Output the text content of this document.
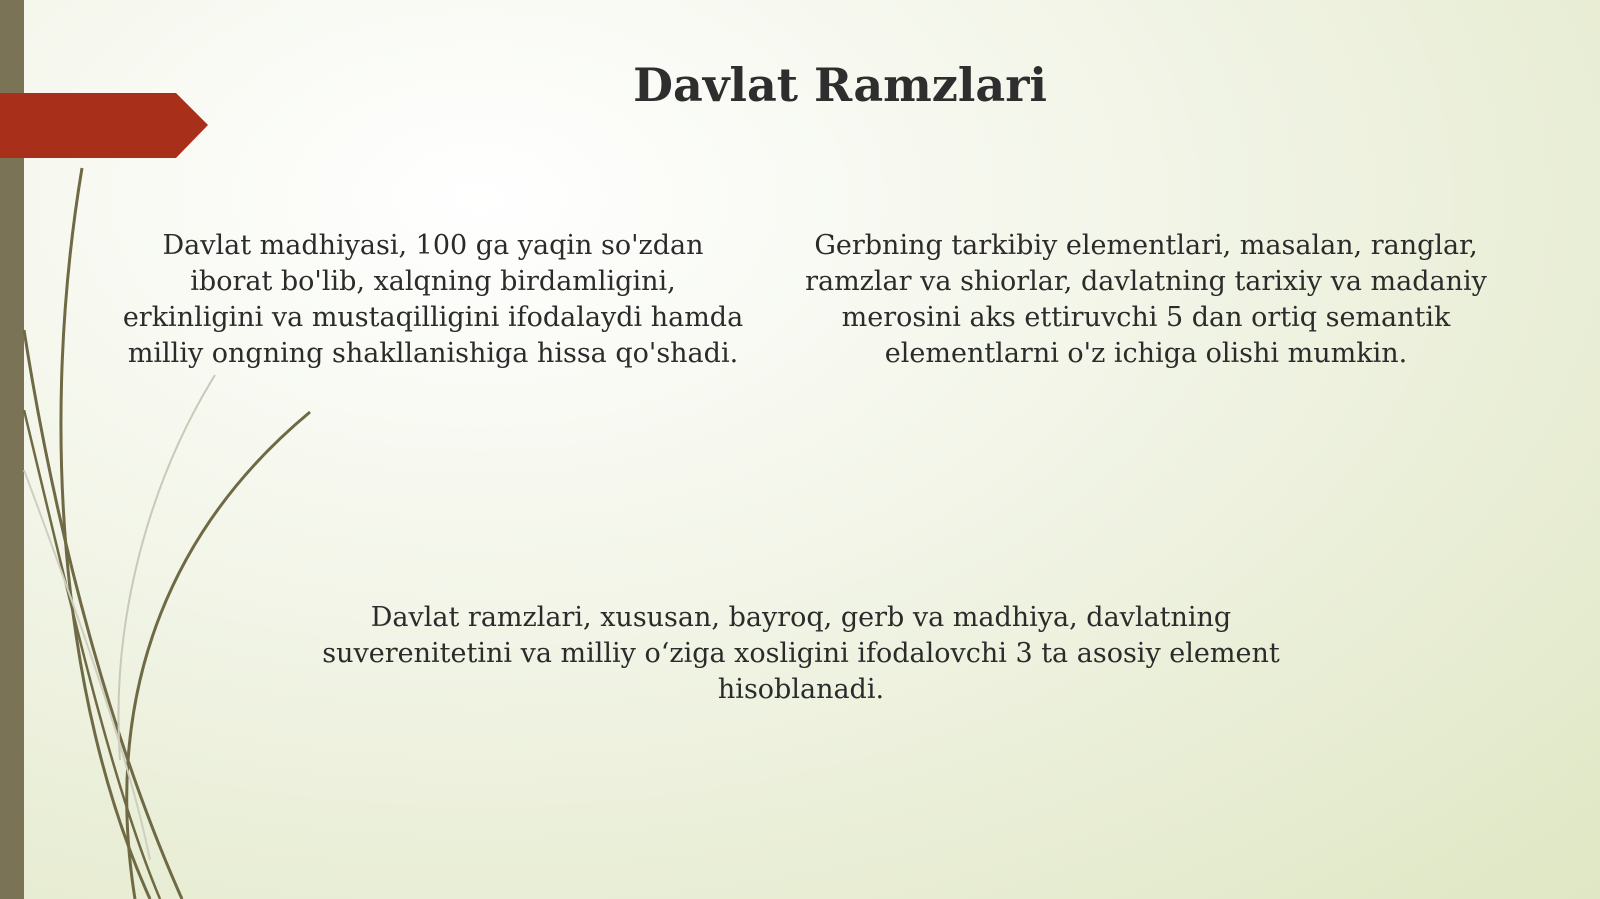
Davlat Ramzlari

Davlat madhiyasi, 100 ga yaqin so'zdan iborat bo'lib, xalqning birdamligini, erkinligini va mustaqilligini ifodalaydi hamda milliy ongning shakllanishiga hissa qo'shadi.

Gerbning tarkibiy elementlari, masalan, ranglar, ramzlar va shiorlar, davlatning tarixiy va madaniy merosini aks ettiruvchi 5 dan ortiq semantik elementlarni o'z ichiga olishi mumkin.

Davlat ramzlari, xususan, bayroq, gerb va madhiya, davlatning suverenitetini va milliy o‘ziga xosligini ifodalovchi 3 ta asosiy element hisoblanadi.
